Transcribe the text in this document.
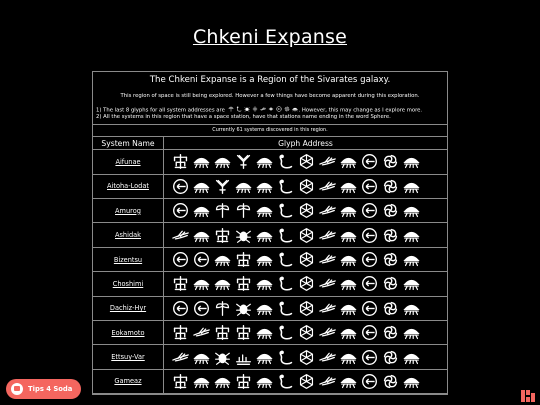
Chkeni Expanse
The Chkeni Expanse is a Region of the Sivarates galaxy.
This region of space is still being explored. However a few things have become apparent during this exploration.
1) The last 8 glyphs for all system addresses are	. However, this may change as I explore more.
2) All the systems in this region that have a space station, have that stations name ending in the word Sphere.
Currently 61 systems discovered in this region.
System Name	Glyph Address
Aifunae
Aitoha-Lodat
Amurog
Ashidak
Bizentsu
Choshimi
Dachiz-Hyr
Eokamoto
Ettsuy-Var
Gameaz
Tips 4 Soda
